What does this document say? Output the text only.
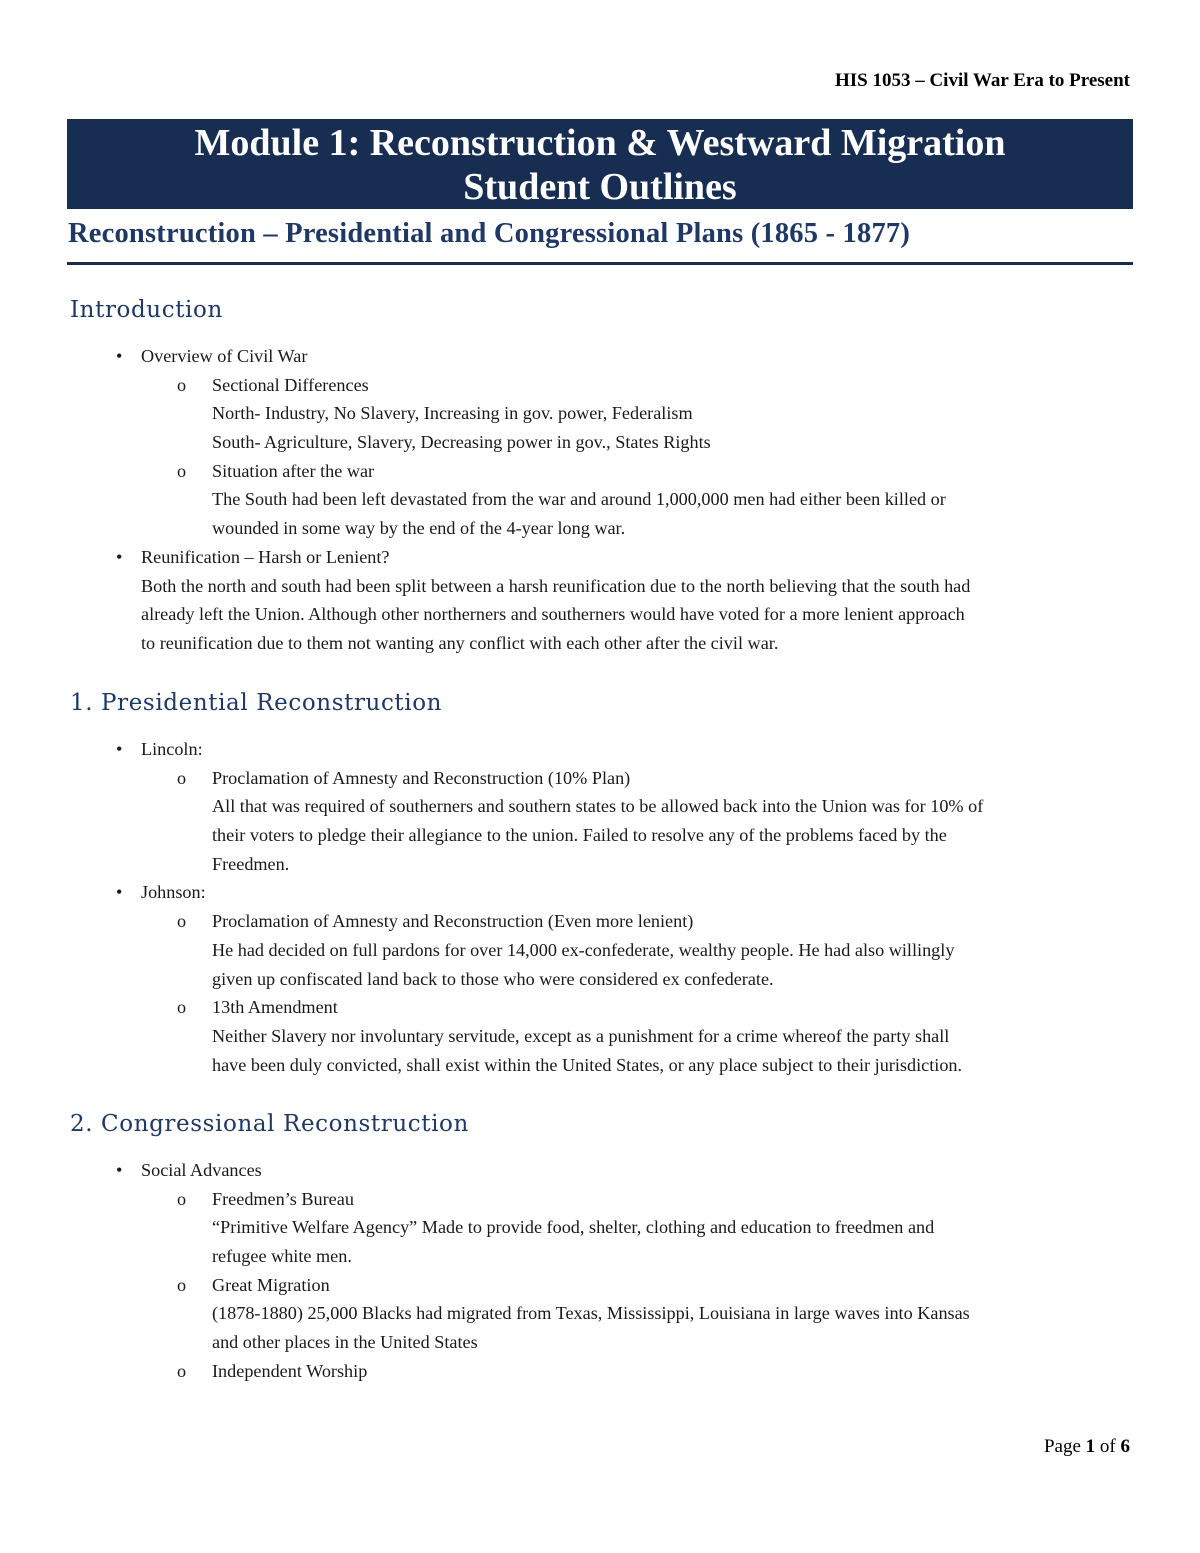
HIS 1053 – Civil War Era to Present
Module 1: Reconstruction & Westward Migration
Student Outlines
Reconstruction – Presidential and Congressional Plans (1865 - 1877)
Introduction
• Overview of Civil War
o Sectional Differences
North- Industry, No Slavery, Increasing in gov. power, Federalism
South- Agriculture, Slavery, Decreasing power in gov., States Rights
o Situation after the war
The South had been left devastated from the war and around 1,000,000 men had either been killed or
wounded in some way by the end of the 4-year long war.
• Reunification – Harsh or Lenient?
Both the north and south had been split between a harsh reunification due to the north believing that the south had
already left the Union. Although other northerners and southerners would have voted for a more lenient approach
to reunification due to them not wanting any conflict with each other after the civil war.
1. Presidential Reconstruction
• Lincoln:
o Proclamation of Amnesty and Reconstruction (10% Plan)
All that was required of southerners and southern states to be allowed back into the Union was for 10% of
their voters to pledge their allegiance to the union. Failed to resolve any of the problems faced by the
Freedmen.
• Johnson:
o Proclamation of Amnesty and Reconstruction (Even more lenient)
He had decided on full pardons for over 14,000 ex-confederate, wealthy people. He had also willingly
given up confiscated land back to those who were considered ex confederate.
o 13th Amendment
Neither Slavery nor involuntary servitude, except as a punishment for a crime whereof the party shall
have been duly convicted, shall exist within the United States, or any place subject to their jurisdiction.
2. Congressional Reconstruction
• Social Advances
o Freedmen’s Bureau
“Primitive Welfare Agency” Made to provide food, shelter, clothing and education to freedmen and
refugee white men.
o Great Migration
(1878-1880) 25,000 Blacks had migrated from Texas, Mississippi, Louisiana in large waves into Kansas
and other places in the United States
o Independent Worship
Page 1 of 6
